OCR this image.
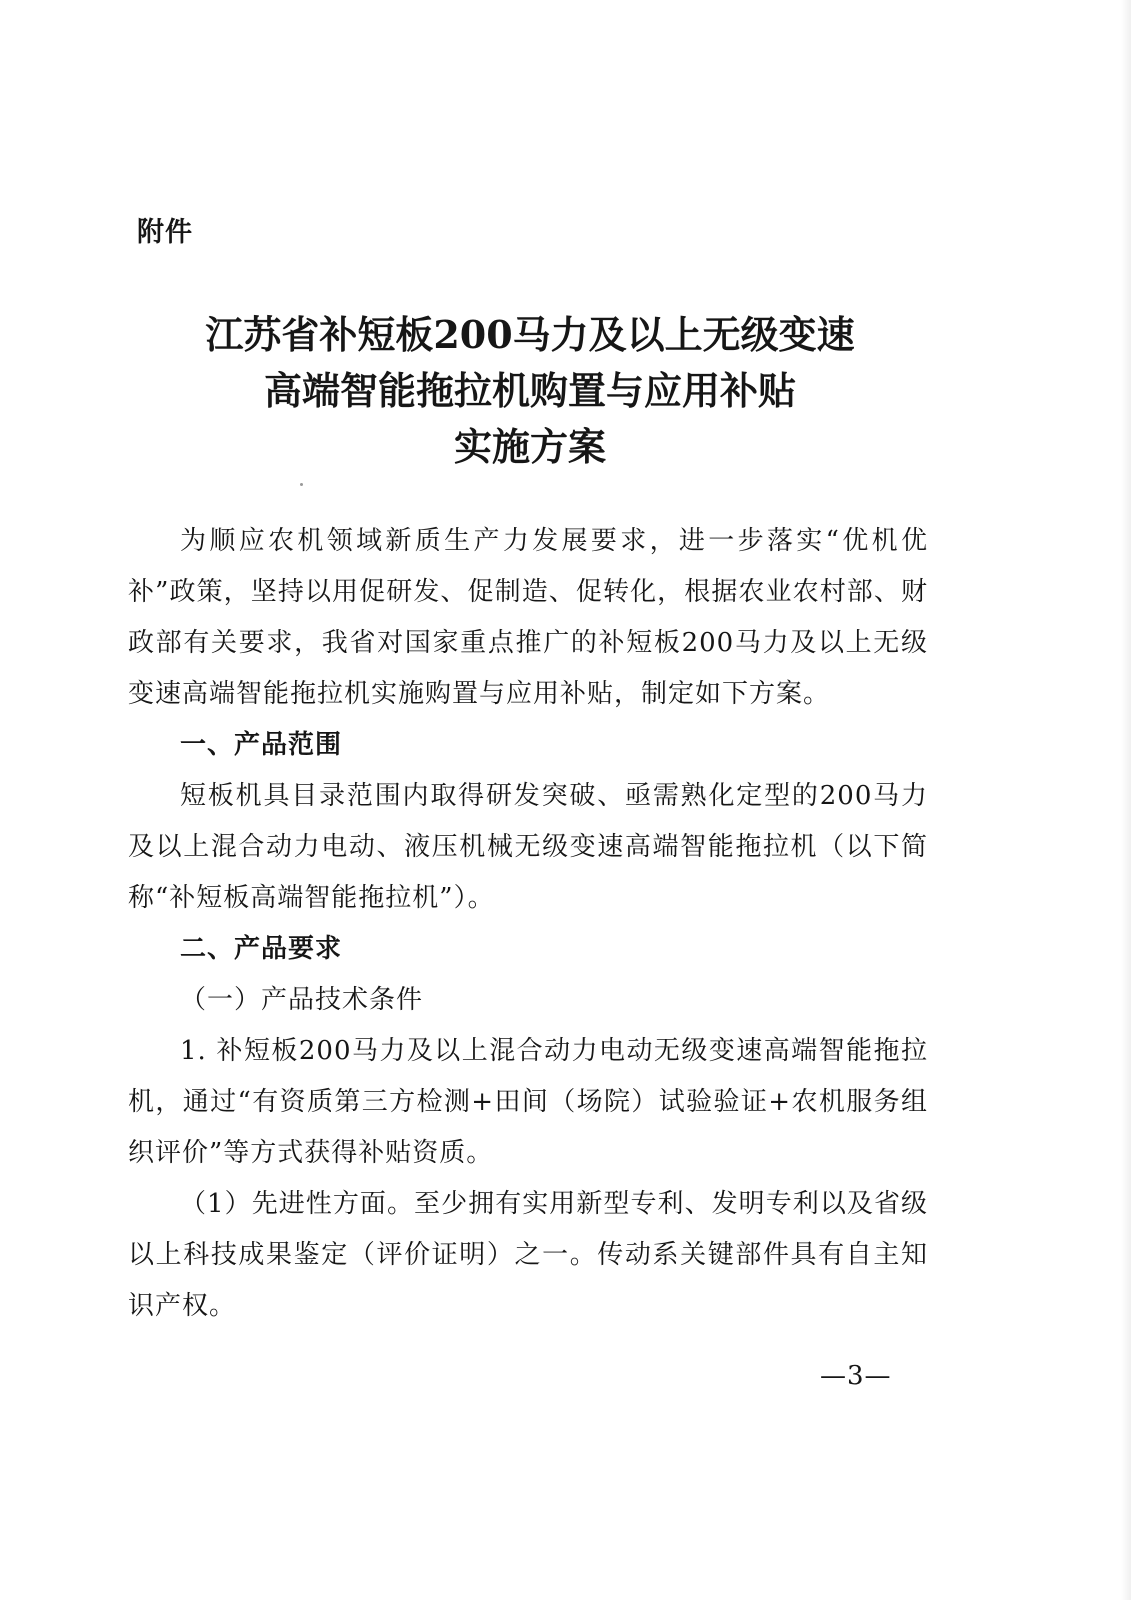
附件
江苏省补短板200马力及以上无级变速
高端智能拖拉机购置与应用补贴
实施方案

为顺应农机领域新质生产力发展要求，进一步落实“优机优补”政策，坚持以用促研发、促制造、促转化，根据农业农村部、财政部有关要求，我省对国家重点推广的补短板200马力及以上无级变速高端智能拖拉机实施购置与应用补贴，制定如下方案。

一、产品范围

短板机具目录范围内取得研发突破、亟需熟化定型的200马力及以上混合动力电动、液压机械无级变速高端智能拖拉机（以下简称“补短板高端智能拖拉机”）。

二、产品要求

（一）产品技术条件

1. 补短板200马力及以上混合动力电动无级变速高端智能拖拉机，通过“有资质第三方检测+田间（场院）试验验证+农机服务组织评价”等方式获得补贴资质。

（1）先进性方面。至少拥有实用新型专利、发明专利以及省级以上科技成果鉴定（评价证明）之一。传动系关键部件具有自主知识产权。

—3—
